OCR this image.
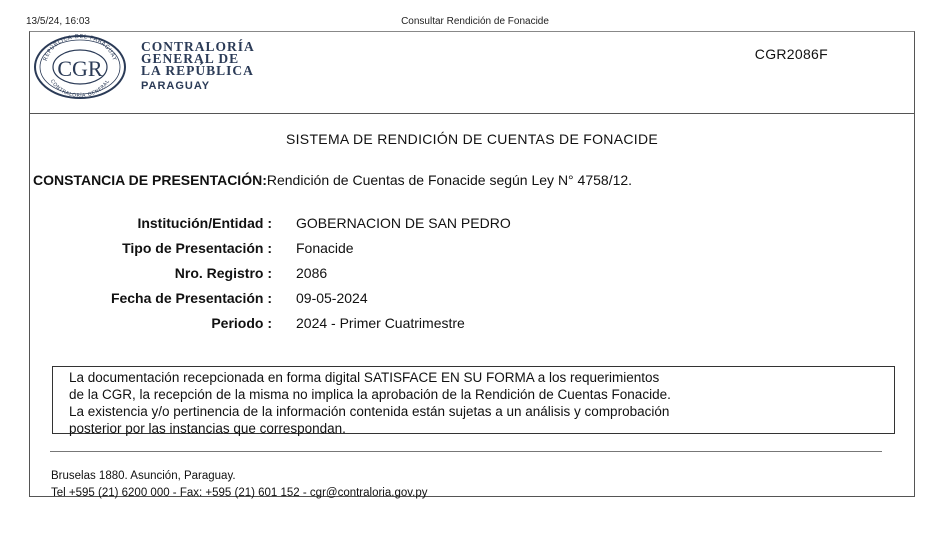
13/5/24, 16:03	Consultar Rendición de Fonacide
REPÚBLICA DEL PARAGUAY
CONTRALORÍA GENERAL
CGR
CONTRALORÍA
GENERAL DE
LA REPÚBLICA
PARAGUAY
CGR2086F
SISTEMA DE RENDICIÓN DE CUENTAS DE FONACIDE
CONSTANCIA DE PRESENTACIÓN:Rendición de Cuentas de Fonacide según Ley N° 4758/12.
Institución/Entidad : GOBERNACION DE SAN PEDRO
Tipo de Presentación : Fonacide
Nro. Registro : 2086
Fecha de Presentación : 09-05-2024
Periodo : 2024 - Primer Cuatrimestre
La documentación recepcionada en forma digital SATISFACE EN SU FORMA a los requerimientos
de la CGR, la recepción de la misma no implica la aprobación de la Rendición de Cuentas Fonacide.
La existencia y/o pertinencia de la información contenida están sujetas a un análisis y comprobación
posterior por las instancias que correspondan.
Bruselas 1880. Asunción, Paraguay.
Tel +595 (21) 6200 000 - Fax: +595 (21) 601 152 - cgr@contraloria.gov.py
